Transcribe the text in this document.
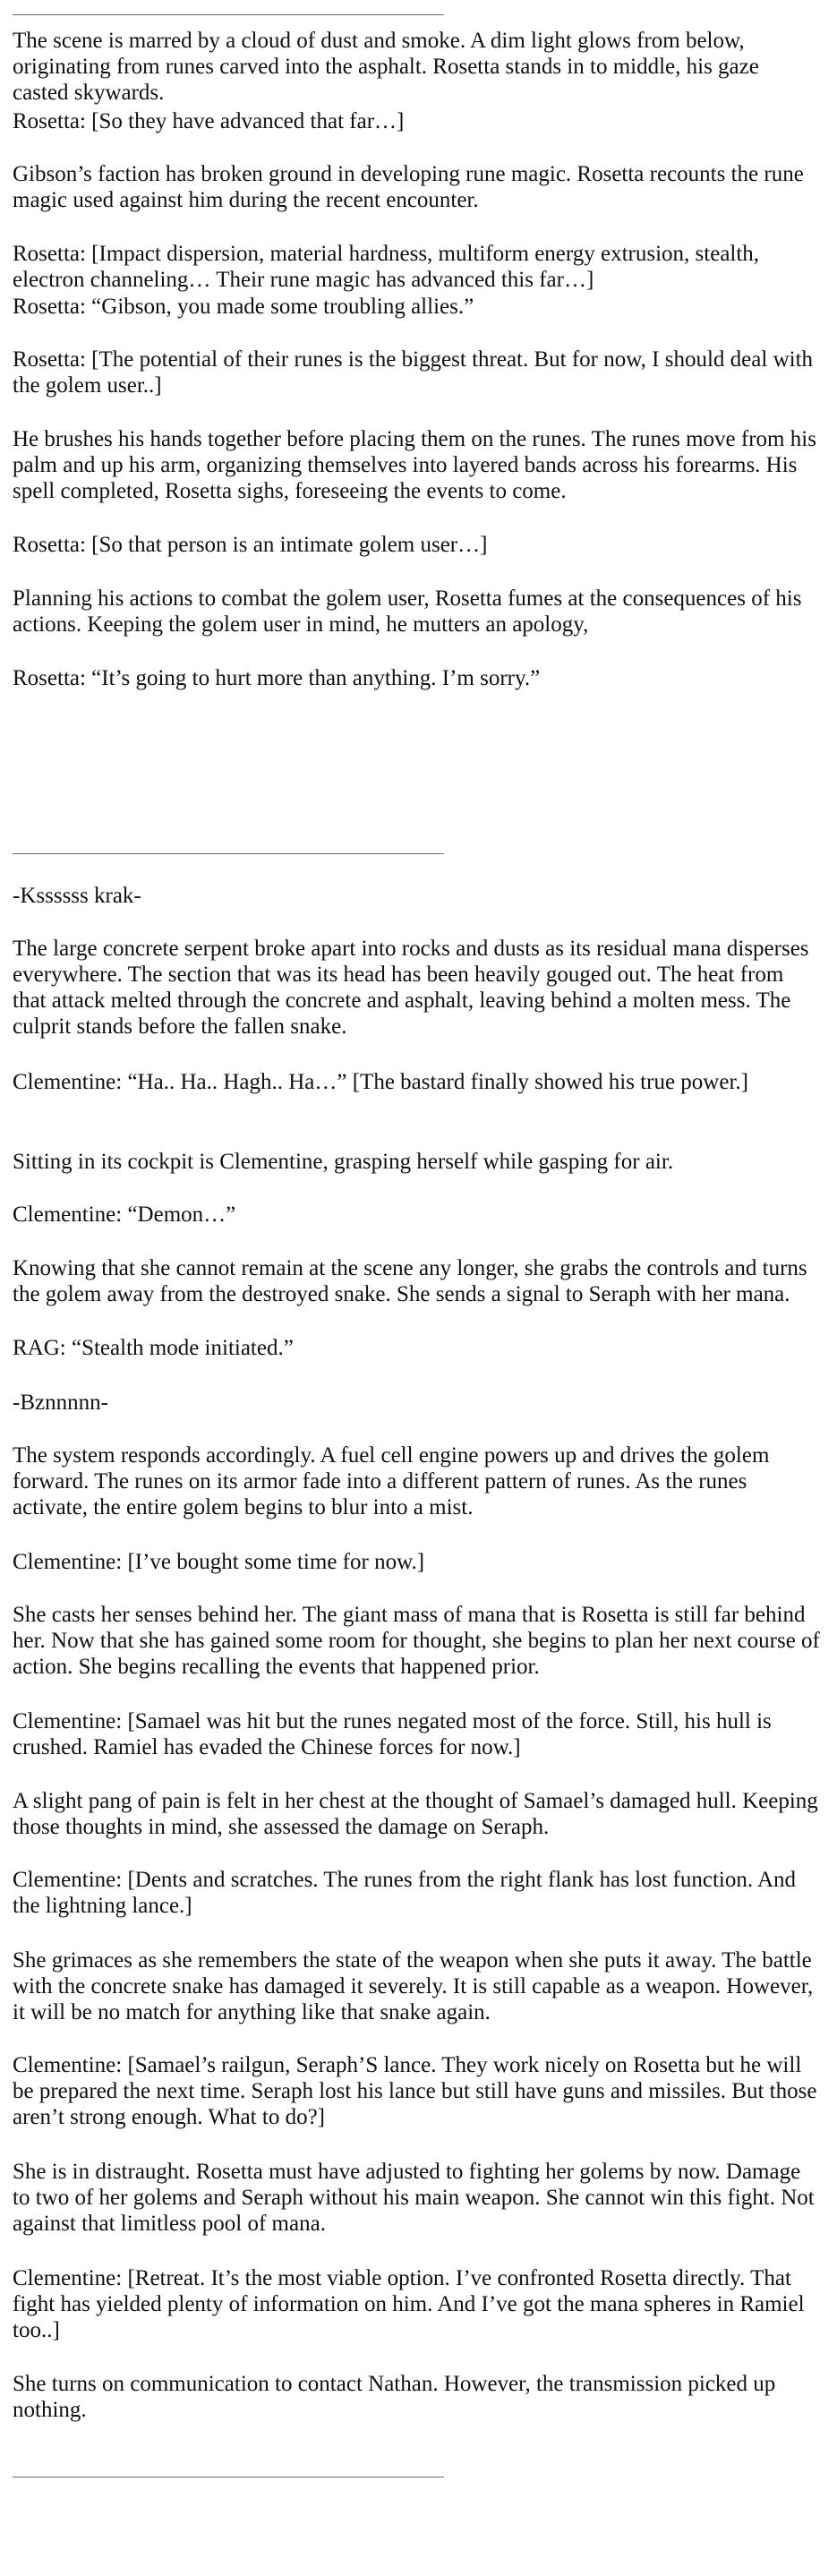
The scene is marred by a cloud of dust and smoke. A dim light glows from below, originating from runes carved into the asphalt. Rosetta stands in to middle, his gaze casted skywards.

Rosetta: [So they have advanced that far…]

Gibson’s faction has broken ground in developing rune magic. Rosetta recounts the rune magic used against him during the recent encounter.

Rosetta: [Impact dispersion, material hardness, multiform energy extrusion, stealth, electron channeling… Their rune magic has advanced this far…]

Rosetta: “Gibson, you made some troubling allies.”

Rosetta: [The potential of their runes is the biggest threat. But for now, I should deal with the golem user..]

He brushes his hands together before placing them on the runes. The runes move from his palm and up his arm, organizing themselves into layered bands across his forearms. His spell completed, Rosetta sighs, foreseeing the events to come.

Rosetta: [So that person is an intimate golem user…]

Planning his actions to combat the golem user, Rosetta fumes at the consequences of his actions. Keeping the golem user in mind, he mutters an apology,

Rosetta: “It’s going to hurt more than anything. I’m sorry.”

-Kssssss krak-

The large concrete serpent broke apart into rocks and dusts as its residual mana disperses everywhere. The section that was its head has been heavily gouged out. The heat from that attack melted through the concrete and asphalt, leaving behind a molten mess. The culprit stands before the fallen snake.

Clementine: “Ha.. Ha.. Hagh.. Ha…” [The bastard finally showed his true power.]

Sitting in its cockpit is Clementine, grasping herself while gasping for air.

Clementine: “Demon…”

Knowing that she cannot remain at the scene any longer, she grabs the controls and turns the golem away from the destroyed snake. She sends a signal to Seraph with her mana.

RAG: “Stealth mode initiated.”

-Bznnnnn-

The system responds accordingly. A fuel cell engine powers up and drives the golem forward. The runes on its armor fade into a different pattern of runes. As the runes activate, the entire golem begins to blur into a mist.

Clementine: [I’ve bought some time for now.]

She casts her senses behind her. The giant mass of mana that is Rosetta is still far behind her. Now that she has gained some room for thought, she begins to plan her next course of action. She begins recalling the events that happened prior.

Clementine: [Samael was hit but the runes negated most of the force. Still, his hull is crushed. Ramiel has evaded the Chinese forces for now.]

A slight pang of pain is felt in her chest at the thought of Samael’s damaged hull. Keeping those thoughts in mind, she assessed the damage on Seraph.

Clementine: [Dents and scratches. The runes from the right flank has lost function. And the lightning lance.]

She grimaces as she remembers the state of the weapon when she puts it away. The battle with the concrete snake has damaged it severely. It is still capable as a weapon. However, it will be no match for anything like that snake again.

Clementine: [Samael’s railgun, Seraph’S lance. They work nicely on Rosetta but he will be prepared the next time. Seraph lost his lance but still have guns and missiles. But those aren’t strong enough. What to do?]

She is in distraught. Rosetta must have adjusted to fighting her golems by now. Damage to two of her golems and Seraph without his main weapon. She cannot win this fight. Not against that limitless pool of mana.

Clementine: [Retreat. It’s the most viable option. I’ve confronted Rosetta directly. That fight has yielded plenty of information on him. And I’ve got the mana spheres in Ramiel too..]

She turns on communication to contact Nathan. However, the transmission picked up nothing.
